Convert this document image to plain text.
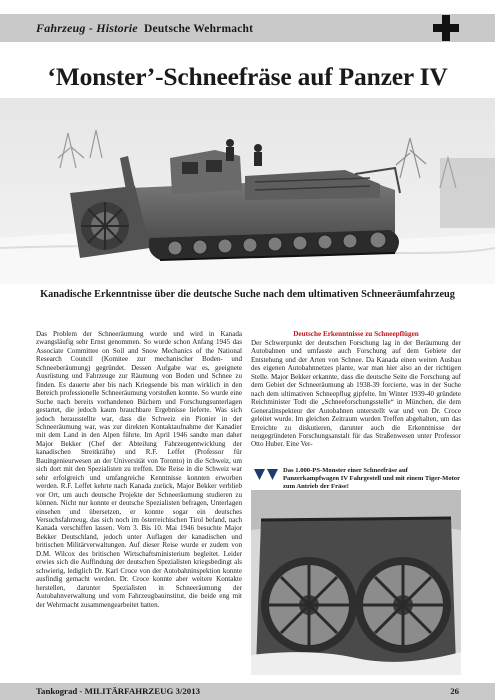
Fahrzeug - Historie Deutsche Wehrmacht
‘Monster’-Schneefräse auf Panzer IV
Kanadische Erkenntnisse über die deutsche Suche nach dem ultimativen Schneeräumfahrzeug

Das Problem der Schneeräumung wurde und wird in Kanada zwangsläufig sehr Ernst genommen. So wurde schon Anfang 1945 das Associate Committee on Soil and Snow Mechanics of the National Research Council (Komitee zur mechanischer Boden- und Schneeberäumung) gegründet. Dessen Aufgabe war es, geeignete Ausrüstung und Fahrzeuge zur Räumung von Boden und Schnee zu finden. Es dauerte aber bis nach Kriegsende bis man wirklich in den Bereich professionelle Schneeräumung vorstoßen konnte. So wurde eine Suche nach bereits vorhandenen Büchern und Forschungsunterlagen gestartet, die jedoch kaum brauchbare Ergebnisse lieferte. Was sich jedoch herausstellte war, dass die Schweiz ein Pionier in der Schneeräumung war, was zur direkten Kontaktaufnahme der Kanadier mit dem Land in den Alpen führte. Im April 1946 sandte man daher Major Bekker (Chef der Abteilung Fahrzeugentwicklung der kanadischen Streitkräfte) und R.F. Leffet (Professor für Bauingenieurwesen an der Universität von Toronto) in die Schweiz, um sich dort mit den Spezialisten zu treffen. Die Reise in die Schweiz war sehr erfolgreich und umfangreiche Kenntnisse konnten erworben werden. R.F. Leffet kehrte nach Kanada zurück, Major Bekker verblieb vor Ort, um auch deutsche Projekte der Schneeräumung studieren zu können. Nicht nur konnte er deutsche Spezialisten befragen, Unterlagen einsehen und übersetzen, er konnte sogar ein deutsches Versuchsfahrzeug, das sich noch im österreichischen Tirol befand, nach Kanada verschiffen lassen. Vom 3. Bis 10. Mai 1946 besuchte Major Bekker Deutschland, jedoch unter Auflagen der kanadischen und britischen Militärverwaltungen. Auf dieser Reise wurde er zudem von D.M. Wilcox des britischen Wirtschaftsministerium begleitet. Leider erwies sich die Auffindung der deutschen Spezialisten kriegsbedingt als schwierig, lediglich Dr. Karl Croce von der Autobahninspektion konnte ausfindig gemacht werden. Dr. Croce konnte aber weitere Kontakte herstellen, darunter Spezialisten in Schneeräumung der Autobahnverwaltung und vom Fahrzeugbauinstitut, die beide eng mit der Wehrmacht zusammengearbeitet hatten.

Deutsche Erkenntnisse zu Schneepflügen

Der Schwerpunkt der deutschen Forschung lag in der Beräumung der Autobahnen und umfasste auch Forschung auf dem Gebiete der Entstehung und der Arten von Schnee. Da Kanada einen weiten Ausbau des eigenen Autobahnnetzes plante, war man hier also an der richtigen Stelle. Major Bekker erkannte, dass die deutsche Seite die Forschung auf dem Gebiet der Schneeräumung ab 1938-39 forcierte, was in der Suche nach dem ultimativen Schneepflug gipfelte. Im Winter 1939-40 gründete Reichminister Todt die „Schneeforschungsstelle“ in München, die dem Generalinspekteur der Autobahnen unterstellt war und von Dr. Croce geleitet wurde. Im gleichen Zeitraum wurden Treffen abgehalten, um das Erreichte zu diskutieren, darunter auch die Erkenntnisse der neugegründeten Forschungsanstalt für das Straßenwesen unter Professor Otto Huber. Eine Ver-

Das 1.000-PS-Monster einer Schneefräse auf Panzerkampfwagen IV Fahrgestell und mit einem Tiger-Motor zum Antrieb der Fräse!
Tankograd - MILITÄRFAHRZEUG 3/2013	26
